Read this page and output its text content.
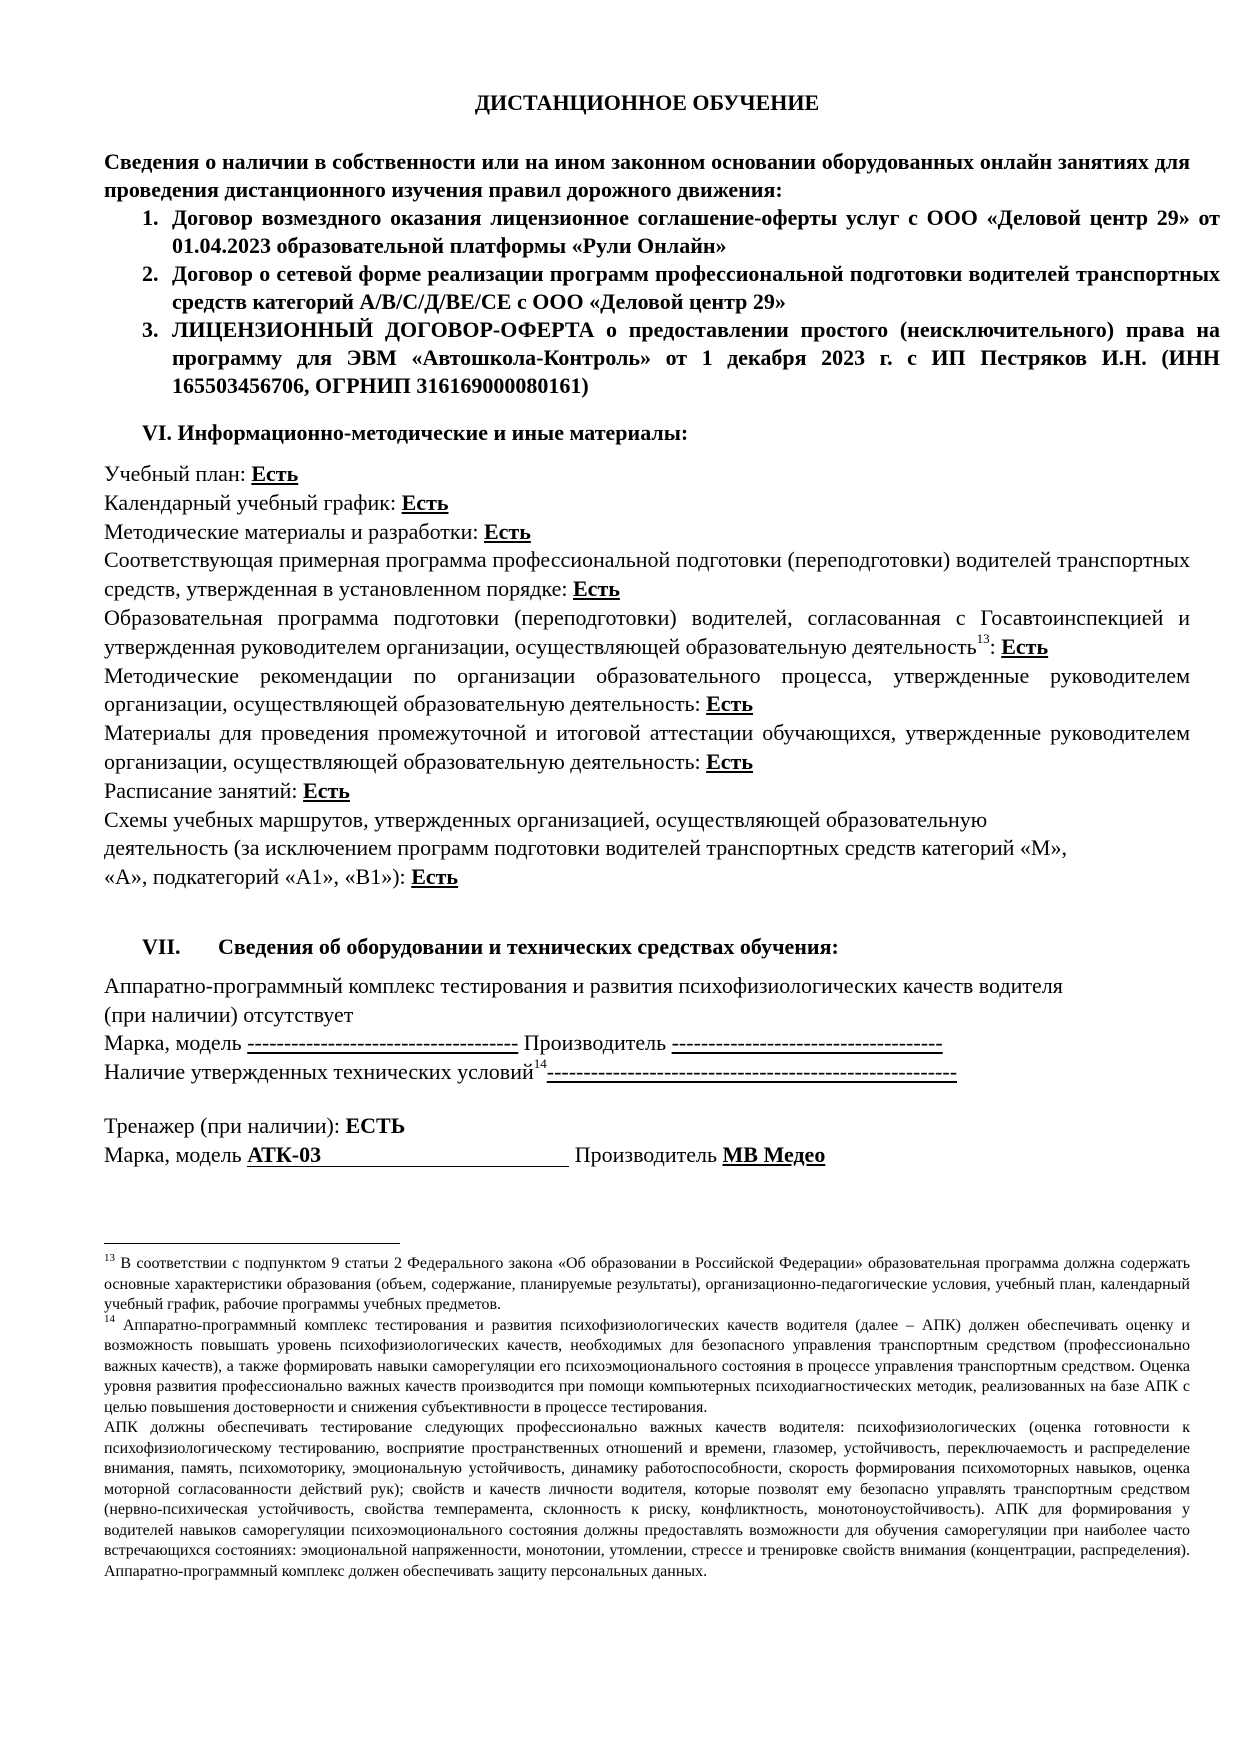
ДИСТАНЦИОННОЕ ОБУЧЕНИЕ
Сведения о наличии в собственности или на ином законном основании оборудованных онлайн занятиях для проведения дистанционного изучения правил дорожного движения:
1. Договор возмездного оказания лицензионное соглашение-оферты услуг с ООО «Деловой центр 29» от 01.04.2023 образовательной платформы «Рули Онлайн»
2. Договор о сетевой форме реализации программ профессиональной подготовки водителей транспортных средств категорий А/В/С/Д/ВЕ/СЕ с ООО «Деловой центр 29»
3. ЛИЦЕНЗИОННЫЙ ДОГОВОР-ОФЕРТА о предоставлении простого (неисключительного) права на программу для ЭВМ «Автошкола-Контроль» от 1 декабря 2023 г. с ИП Пестряков И.Н. (ИНН 165503456706, ОГРНИП 316169000080161)
VI. Информационно-методические и иные материалы:
Учебный план: Есть
Календарный учебный график: Есть
Методические материалы и разработки: Есть
Соответствующая примерная программа профессиональной подготовки (переподготовки) водителей транспортных средств, утвержденная в установленном порядке: Есть
Образовательная программа подготовки (переподготовки) водителей, согласованная с Госавтоинспекцией и утвержденная руководителем организации, осуществляющей образовательную деятельность$^{13}$: Есть
Методические рекомендации по организации образовательного процесса, утвержденные руководителем организации, осуществляющей образовательную деятельность: Есть
Материалы для проведения промежуточной и итоговой аттестации обучающихся, утвержденные руководителем организации, осуществляющей образовательную деятельность: Есть
Расписание занятий: Есть
Схемы учебных маршрутов, утвержденных организацией, осуществляющей образовательную деятельность (за исключением программ подготовки водителей транспортных средств категорий «M», «A», подкатегорий «A1», «B1»): Есть
VII. Сведения об оборудовании и технических средствах обучения:
Аппаратно-программный комплекс тестирования и развития психофизиологических качеств водителя (при наличии) отсутствует
Марка, модель ------------------------------------- Производитель -------------------------------------
Наличие утвержденных технических условий$^{14}$--------------------------------------------------------
Тренажер (при наличии): ЕСТЬ
Марка, модель АТК-03	Производитель MB Медео

$^{13}$ В соответствии с подпунктом 9 статьи 2 Федерального закона «Об образовании в Российской Федерации» образовательная программа должна содержать основные характеристики образования (объем, содержание, планируемые результаты), организационно-педагогические условия, учебный план, календарный учебный график, рабочие программы учебных предметов.

$^{14}$ Аппаратно-программный комплекс тестирования и развития психофизиологических качеств водителя (далее – АПК) должен обеспечивать оценку и возможность повышать уровень психофизиологических качеств, необходимых для безопасного управления транспортным средством (профессионально важных качеств), а также формировать навыки саморегуляции его психоэмоционального состояния в процессе управления транспортным средством. Оценка уровня развития профессионально важных качеств производится при помощи компьютерных психодиагностических методик, реализованных на базе АПК с целью повышения достоверности и снижения субъективности в процессе тестирования.

АПК должны обеспечивать тестирование следующих профессионально важных качеств водителя: психофизиологических (оценка готовности к психофизиологическому тестированию, восприятие пространственных отношений и времени, глазомер, устойчивость, переключаемость и распределение внимания, память, психомоторику, эмоциональную устойчивость, динамику работоспособности, скорость формирования психомоторных навыков, оценка моторной согласованности действий рук); свойств и качеств личности водителя, которые позволят ему безопасно управлять транспортным средством (нервно-психическая устойчивость, свойства темперамента, склонность к риску, конфликтность, монотоноустойчивость). АПК для формирования у водителей навыков саморегуляции психоэмоционального состояния должны предоставлять возможности для обучения саморегуляции при наиболее часто встречающихся состояниях: эмоциональной напряженности, монотонии, утомлении, стрессе и тренировке свойств внимания (концентрации, распределения). Аппаратно-программный комплекс должен обеспечивать защиту персональных данных.
